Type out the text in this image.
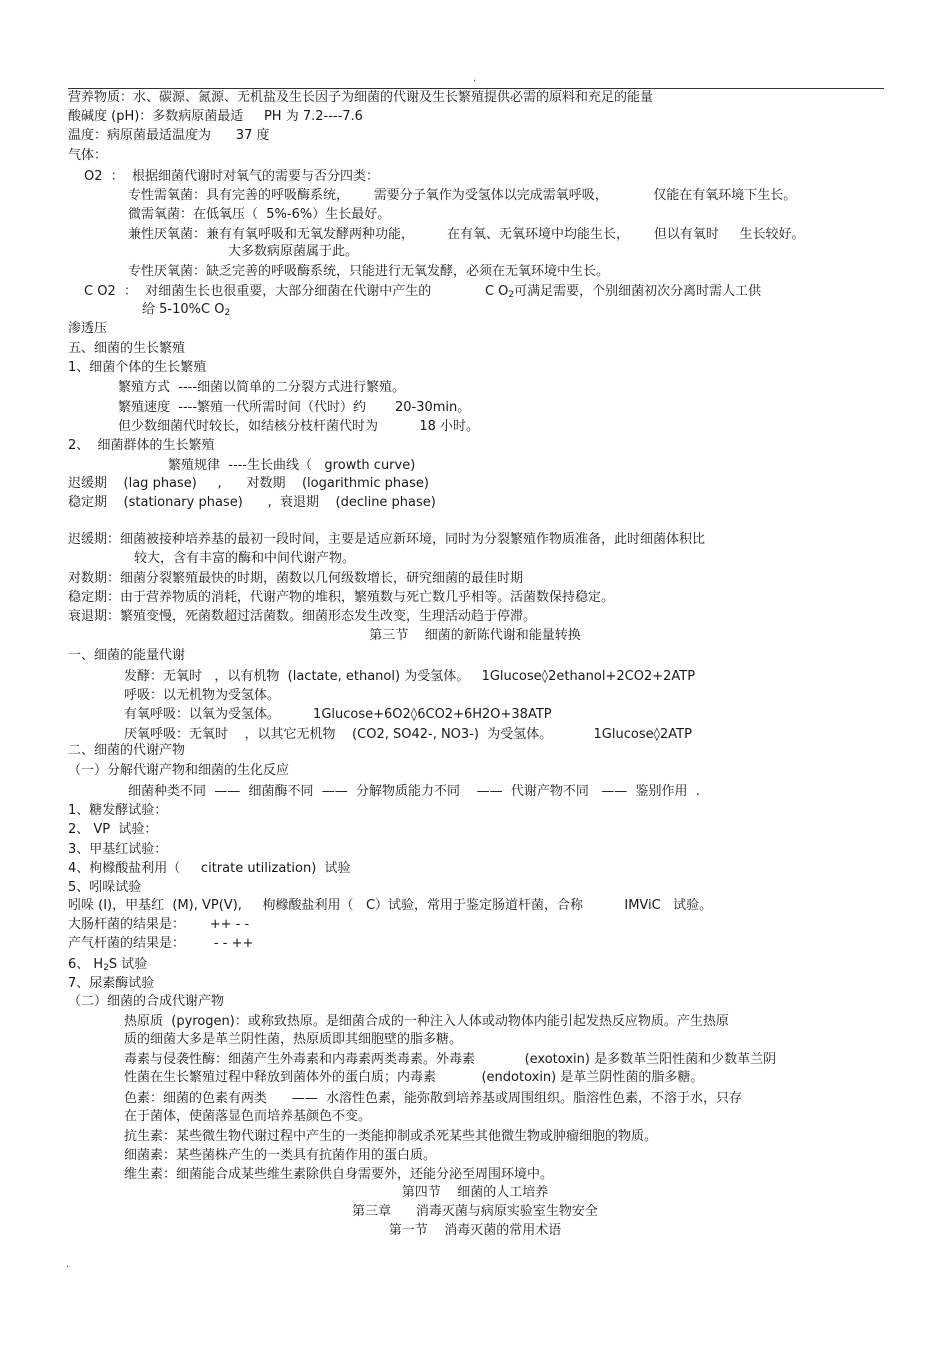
.
营养物质：水、碳源、氮源、无机盐及生长因子为细菌的代谢及生长繁殖提供必需的原料和充足的能量
酸碱度 (pH)：多数病原菌最适     PH 为 7.2----7.6
温度：病原菌最适温度为      37 度
气体：
O2  ：  根据细菌代谢时对氧气的需要与否分四类：
专性需氧菌：具有完善的呼吸酶系统，      需要分子氧作为受氢体以完成需氧呼吸，           仅能在有氧环境下生长。
微需氧菌：在低氧压（  5%-6%）生长最好。
兼性厌氧菌：兼有有氧呼吸和无氧发酵两种功能，        在有氧、无氧环境中均能生长，      但以有氧时     生长较好。
大多数病原菌属于此。
专性厌氧菌：缺乏完善的呼吸酶系统，只能进行无氧发酵，必须在无氧环境中生长。
C O2  ：  对细菌生长也很重要，大部分细菌在代谢中产生的             C $O_2$可满足需要，个别细菌初次分离时需人工供
给 5-10%C $O_2$
渗透压
五、细菌的生长繁殖
1、细菌个体的生长繁殖
繁殖方式  ----细菌以简单的二分裂方式进行繁殖。
繁殖速度  ----繁殖一代所需时间（代时）约       20-30min。
但少数细菌代时较长，如结核分枝杆菌代时为          18 小时。
2、  细菌群体的生长繁殖
繁殖规律  ----生长曲线（   growth curve)
迟缓期    (lag phase)     ,      对数期    (logarithmic phase)
稳定期    (stationary phase)      ,  衰退期    (decline phase)
迟缓期：细菌被接种培养基的最初一段时间，主要是适应新环境，同时为分裂繁殖作物质准备，此时细菌体积比
较大，含有丰富的酶和中间代谢产物。
对数期：细菌分裂繁殖最快的时期，菌数以几何级数增长，研究细菌的最佳时期
稳定期：由于营养物质的消耗，代谢产物的堆积，繁殖数与死亡数几乎相等。活菌数保持稳定。
衰退期：繁殖变慢，死菌数超过活菌数。细菌形态发生改变，生理活动趋于停滞。
第三节    细菌的新陈代谢和能量转换
一、细菌的能量代谢
发酵：无氧时   ，以有机物  (lactate, ethanol) 为受氢体。   1Glucose◊2ethanol+2CO2+2ATP
呼吸：以无机物为受氢体。
有氧呼吸：以氧为受氢体。        1Glucose+6O2◊6CO2+6H2O+38ATP
厌氧呼吸：无氧时    ，以其它无机物    (CO2, SO42-, NO3-)  为受氢体。          1Glucose◊2ATP
二、细菌的代谢产物
（一）分解代谢产物和细菌的生化反应
细菌种类不同  ——  细菌酶不同  ——  分解物质能力不同    ——  代谢产物不同   ——  鉴别作用  .
1、糖发酵试验：
2、 VP  试验：
3、甲基红试验：
4、枸橼酸盐利用（     citrate utilization)  试验
5、吲哚试验
吲哚 (I)，甲基红  (M), VP(V),     枸橼酸盐利用（   C）试验，常用于鉴定肠道杆菌，合称          IMViC   试验。
大肠杆菌的结果是：      ++ - -
产气杆菌的结果是：       - - ++
6、 $H_2S$ 试验
7、尿素酶试验
（二）细菌的合成代谢产物
热原质  (pyrogen)：或称致热原。是细菌合成的一种注入人体或动物体内能引起发热反应物质。产生热原
质的细菌大多是革兰阴性菌，热原质即其细胞壁的脂多糖。
毒素与侵袭性酶：细菌产生外毒素和内毒素两类毒素。外毒素            (exotoxin) 是多数革兰阳性菌和少数革兰阴
性菌在生长繁殖过程中释放到菌体外的蛋白质；内毒素           (endotoxin) 是革兰阴性菌的脂多糖。
色素：细菌的色素有两类      ——  水溶性色素，能弥散到培养基或周围组织。脂溶性色素，不溶于水，只存
在于菌体，使菌落显色而培养基颜色不变。
抗生素：某些微生物代谢过程中产生的一类能抑制或杀死某些其他微生物或肿瘤细胞的物质。
细菌素：某些菌株产生的一类具有抗菌作用的蛋白质。
维生素：细菌能合成某些维生素除供自身需要外，还能分泌至周围环境中。
第四节    细菌的人工培养
第三章      消毒灭菌与病原实验室生物安全
第一节    消毒灭菌的常用术语
.
